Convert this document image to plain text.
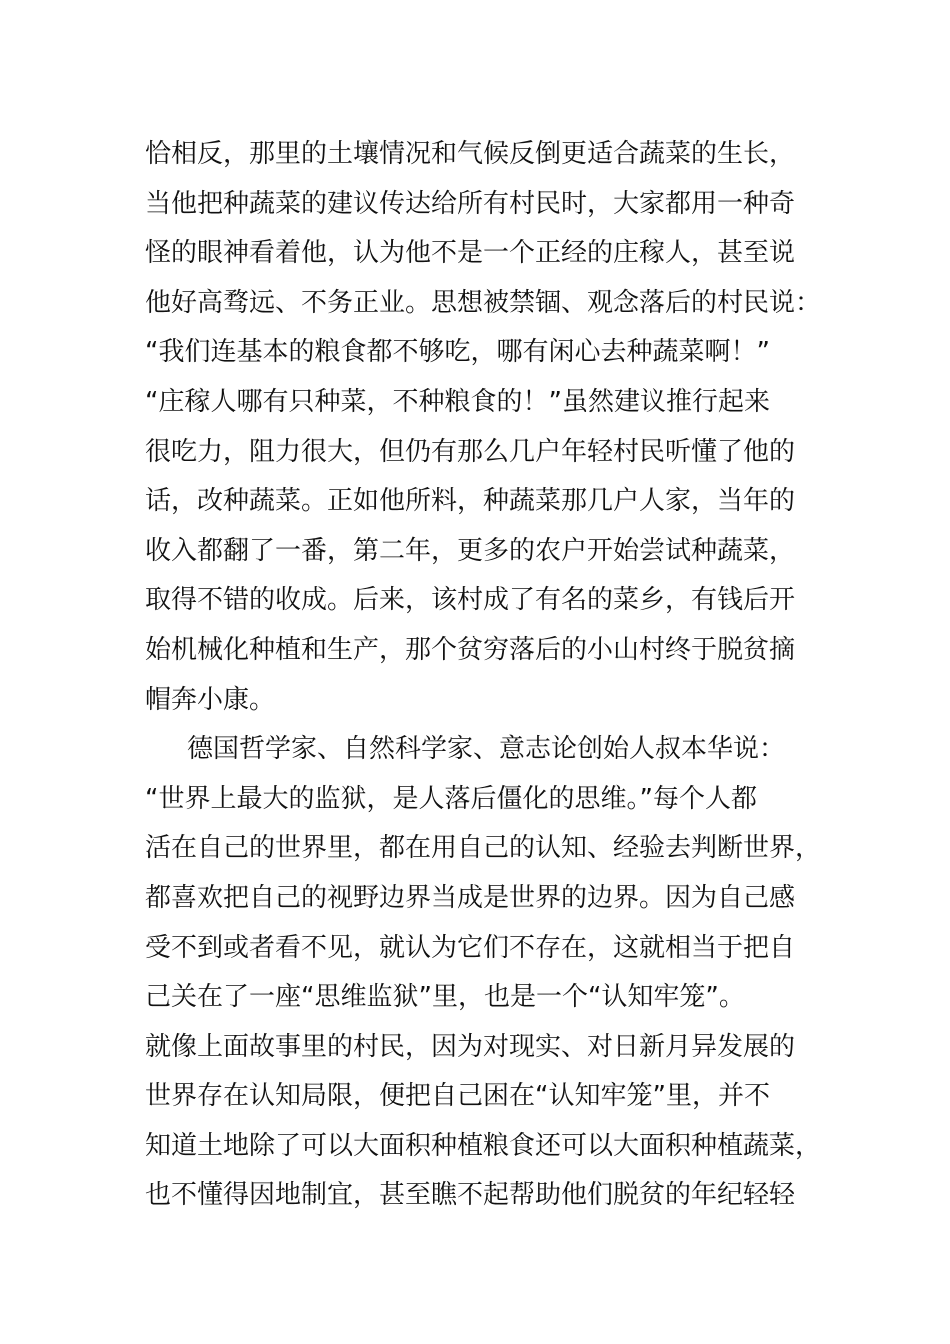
恰相反，那里的土壤情况和气候反倒更适合蔬菜的生长，
当他把种蔬菜的建议传达给所有村民时，大家都用一种奇
怪的眼神看着他，认为他不是一个正经的庄稼人，甚至说
他好高骛远、不务正业。思想被禁锢、观念落后的村民说：
“我们连基本的粮食都不够吃，哪有闲心去种蔬菜啊！”
“庄稼人哪有只种菜，不种粮食的！”虽然建议推行起来
很吃力，阻力很大，但仍有那么几户年轻村民听懂了他的
话，改种蔬菜。正如他所料，种蔬菜那几户人家，当年的
收入都翻了一番，第二年，更多的农户开始尝试种蔬菜，
取得不错的收成。后来，该村成了有名的菜乡，有钱后开
始机械化种植和生产，那个贫穷落后的小山村终于脱贫摘
帽奔小康。
德国哲学家、自然科学家、意志论创始人叔本华说：
“世界上最大的监狱，是人落后僵化的思维。”每个人都
活在自己的世界里，都在用自己的认知、经验去判断世界，
都喜欢把自己的视野边界当成是世界的边界。因为自己感
受不到或者看不见，就认为它们不存在，这就相当于把自
己关在了一座“思维监狱”里，也是一个“认知牢笼”。
就像上面故事里的村民，因为对现实、对日新月异发展的
世界存在认知局限，便把自己困在“认知牢笼”里，并不
知道土地除了可以大面积种植粮食还可以大面积种植蔬菜，
也不懂得因地制宜，甚至瞧不起帮助他们脱贫的年纪轻轻
